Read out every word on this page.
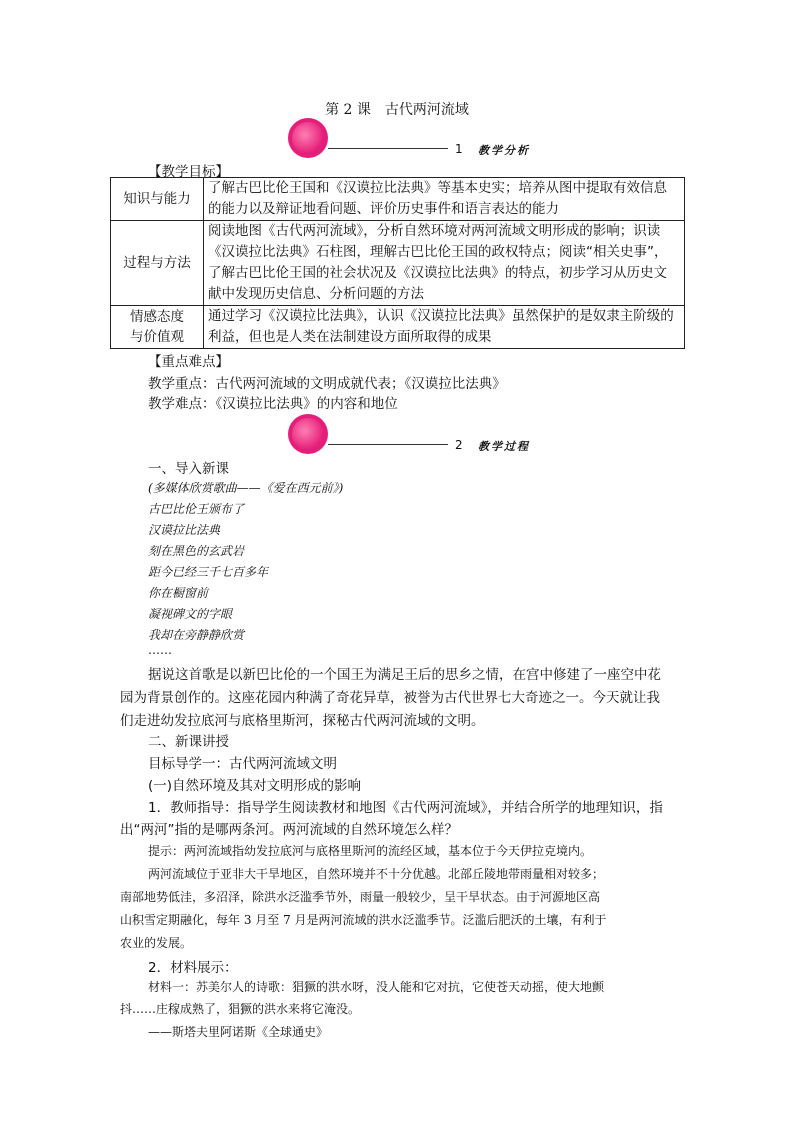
第 2 课　古代两河流域
1 教学分析
【教学目标】
知识与能力	了解古巴比伦王国和《汉谟拉比法典》等基本史实；培养从图中提取有效信息的能力以及辩证地看问题、评价历史事件和语言表达的能力
过程与方法	阅读地图《古代两河流域》，分析自然环境对两河流域文明形成的影响；识读《汉谟拉比法典》石柱图，理解古巴比伦王国的政权特点；阅读“相关史事”，了解古巴比伦王国的社会状况及《汉谟拉比法典》的特点，初步学习从历史文献中发现历史信息、分析问题的方法
情感态度与价值观	通过学习《汉谟拉比法典》，认识《汉谟拉比法典》虽然保护的是奴隶主阶级的利益，但也是人类在法制建设方面所取得的成果
【重点难点】
教学重点：古代两河流域的文明成就代表；《汉谟拉比法典》
教学难点：《汉谟拉比法典》的内容和地位
2 教学过程
一、导入新课
(多媒体欣赏歌曲——《爱在西元前》)
古巴比伦王颁布了
汉谟拉比法典
刻在黑色的玄武岩
距今已经三千七百多年
你在橱窗前
凝视碑文的字眼
我却在旁静静欣赏
……
据说这首歌是以新巴比伦的一个国王为满足王后的思乡之情，在宫中修建了一座空中花
园为背景创作的。这座花园内种满了奇花异草，被誉为古代世界七大奇迹之一。今天就让我
们走进幼发拉底河与底格里斯河，探秘古代两河流域的文明。
二、新课讲授
目标导学一：古代两河流域文明
(一)自然环境及其对文明形成的影响
1．教师指导：指导学生阅读教材和地图《古代两河流域》，并结合所学的地理知识，指
出“两河”指的是哪两条河。两河流域的自然环境怎么样？
提示：两河流域指幼发拉底河与底格里斯河的流经区域，基本位于今天伊拉克境内。
两河流域位于亚非大干旱地区，自然环境并不十分优越。北部丘陵地带雨量相对较多；
南部地势低洼，多沼泽，除洪水泛滥季节外，雨量一般较少，呈干旱状态。由于河源地区高
山积雪定期融化，每年 3 月至 7 月是两河流域的洪水泛滥季节。泛滥后肥沃的土壤，有利于
农业的发展。
2．材料展示：
材料一：苏美尔人的诗歌：猖獗的洪水呀，没人能和它对抗，它使苍天动摇，使大地颤
抖……庄稼成熟了，猖獗的洪水来将它淹没。
——斯塔夫里阿诺斯《全球通史》
